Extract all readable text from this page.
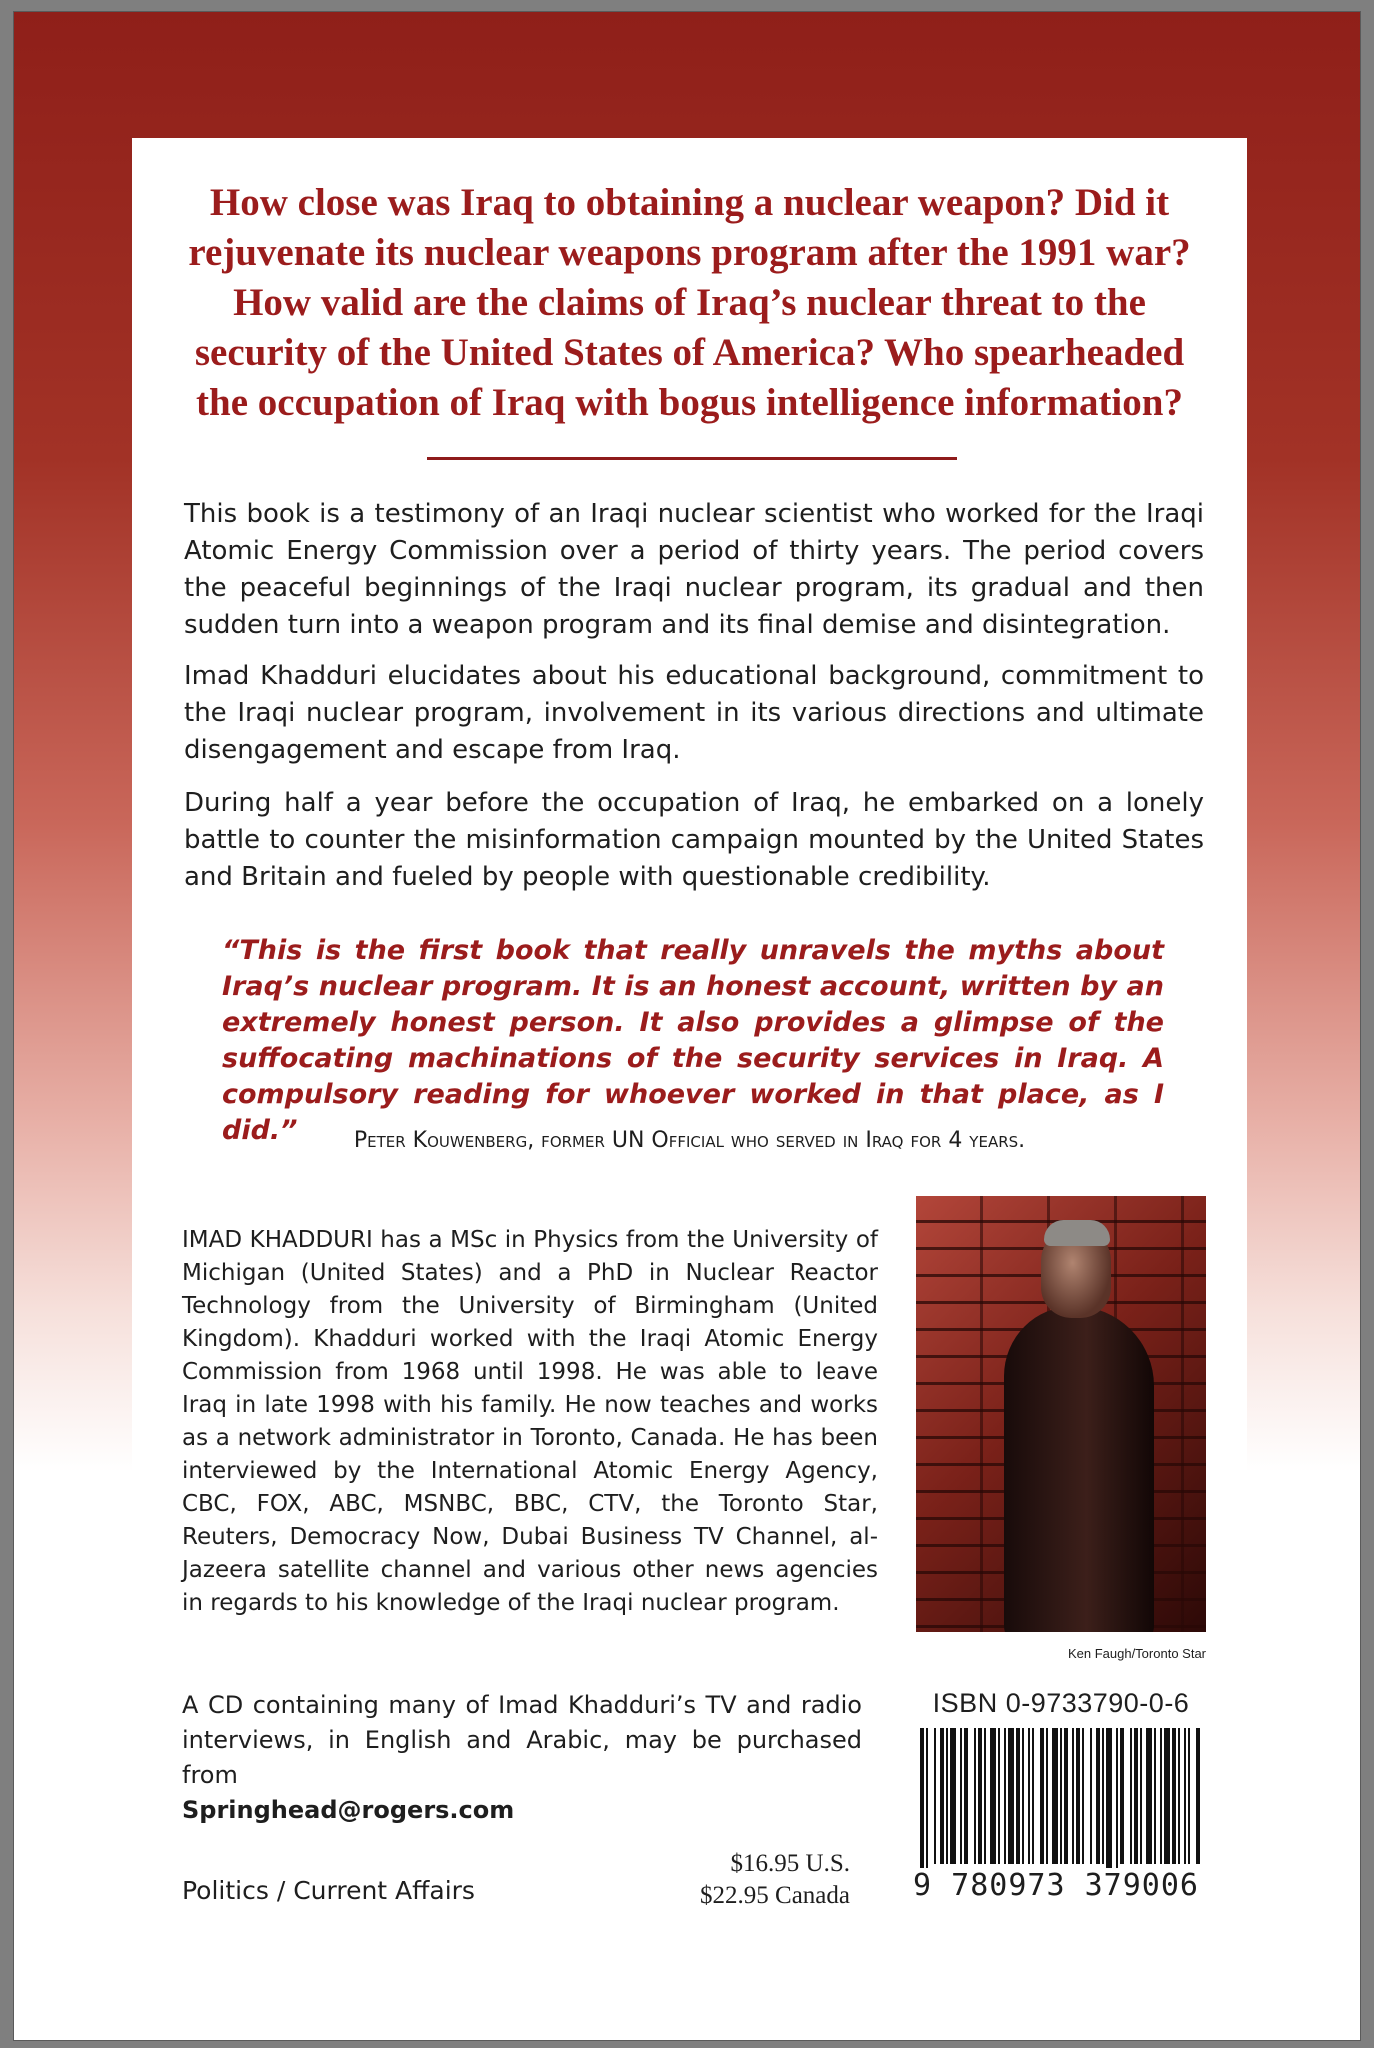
How close was Iraq to obtaining a nuclear weapon? Did it rejuvenate its nuclear weapons program after the 1991 war? How valid are the claims of Iraq’s nuclear threat to the security of the United States of America? Who spearheaded the occupation of Iraq with bogus intelligence information?

This book is a testimony of an Iraqi nuclear scientist who worked for the Iraqi Atomic Energy Commission over a period of thirty years. The period covers the peaceful beginnings of the Iraqi nuclear program, its gradual and then sudden turn into a weapon program and its final demise and disintegration.

Imad Khadduri elucidates about his educational background, commitment to the Iraqi nuclear program, involvement in its various directions and ultimate disengagement and escape from Iraq.

During half a year before the occupation of Iraq, he embarked on a lonely battle to counter the misinformation campaign mounted by the United States and Britain and fueled by people with questionable credibility.

“This is the first book that really unravels the myths about Iraq’s nuclear program. It is an honest account, written by an extremely honest person. It also provides a glimpse of the suffocating machinations of the security services in Iraq. A compulsory reading for whoever worked in that place, as I did.”	Peter Kouwenberg, former UN Official who served in Iraq for 4 years.

IMAD KHADDURI has a MSc in Physics from the University of Michigan (United States) and a PhD in Nuclear Reactor Technology from the University of Birmingham (United Kingdom). Khadduri worked with the Iraqi Atomic Energy Commission from 1968 until 1998. He was able to leave Iraq in late 1998 with his family. He now teaches and works as a network administrator in Toronto, Canada. He has been interviewed by the International Atomic Energy Agency, CBC, FOX, ABC, MSNBC, BBC, CTV, the Toronto Star, Reuters, Democracy Now, Dubai Business TV Channel, al-Jazeera satellite channel and various other news agencies in regards to his knowledge of the Iraqi nuclear program.

Ken Faugh/Toronto Star

A CD containing many of Imad Khadduri’s TV and radio interviews, in English and Arabic, may be purchased from
Springhead@rogers.com

Politics / Current Affairs

$16.95 U.S.
$22.95 Canada

ISBN 0-9733790-0-6

9 780973 379006
